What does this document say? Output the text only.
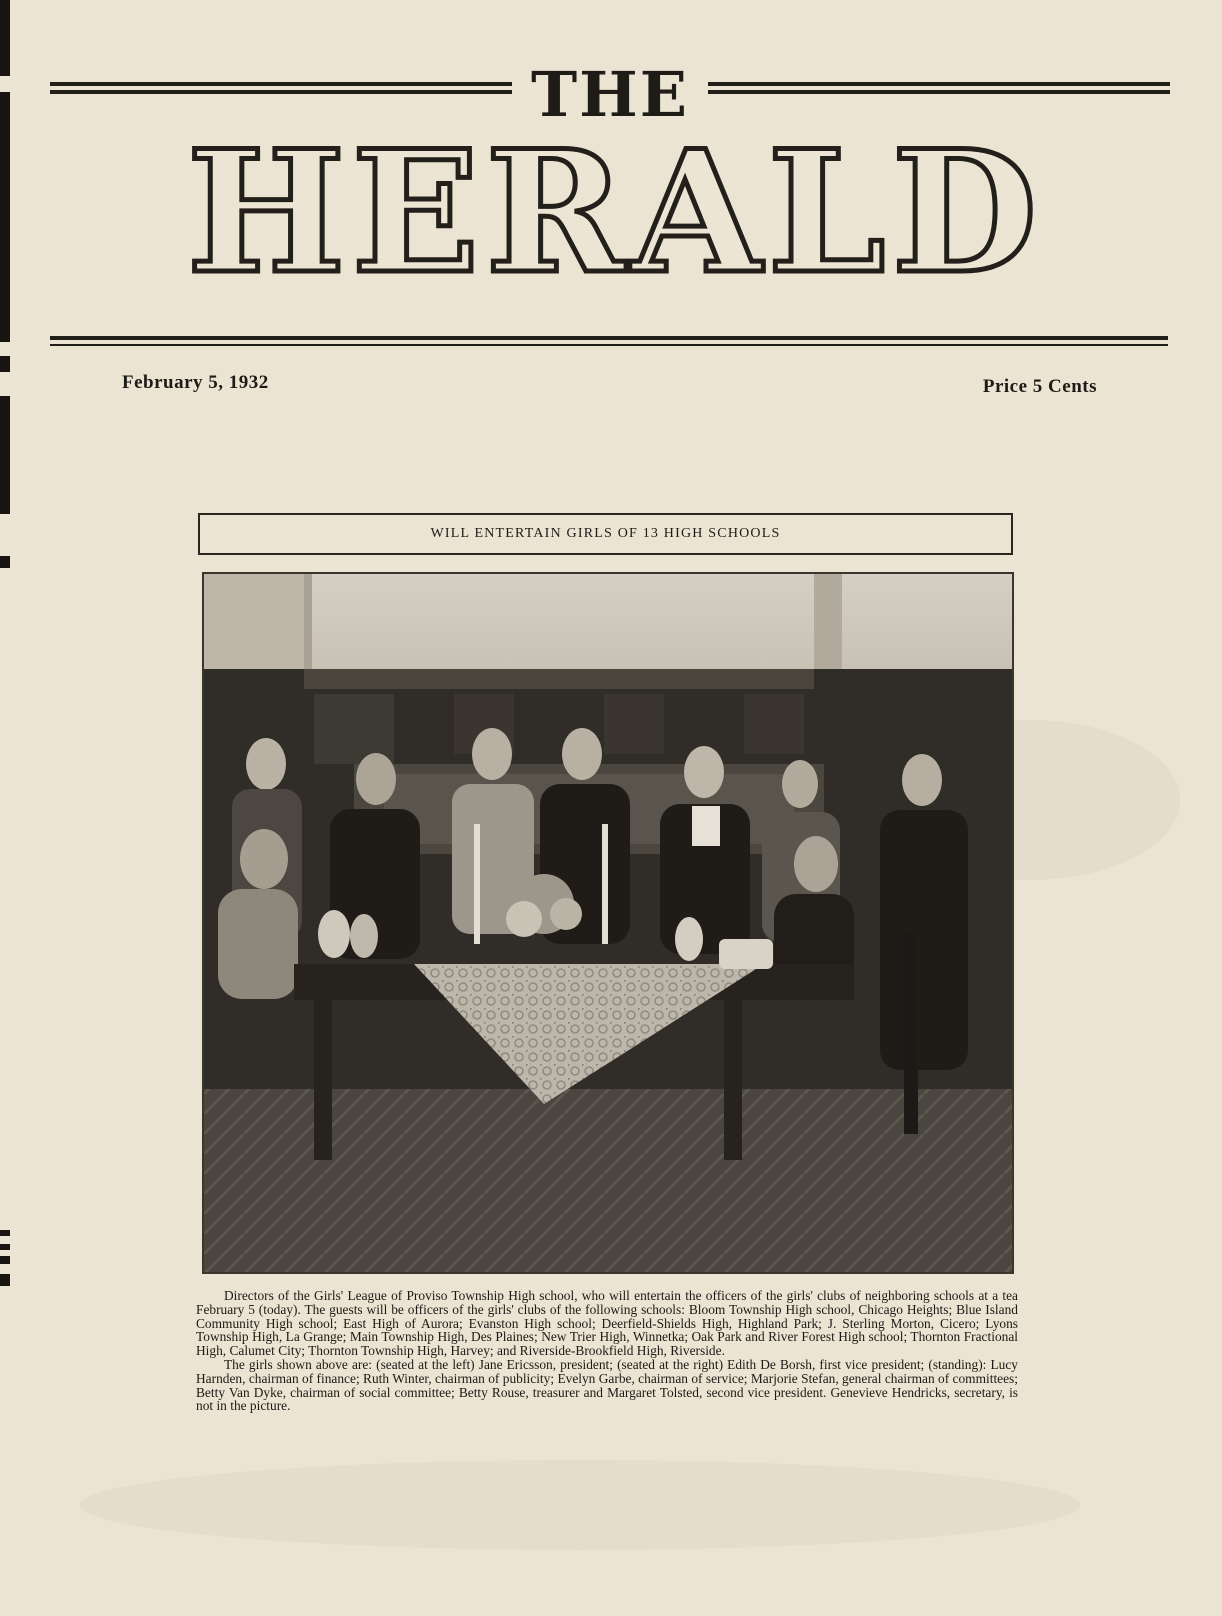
THE
HERALD
February 5, 1932	Price 5 Cents
WILL ENTERTAIN GIRLS OF 13 HIGH SCHOOLS

Directors of the Girls' League of Proviso Township High school, who will entertain the officers of the girls' clubs of neighboring schools at a tea February 5 (today). The guests will be officers of the girls' clubs of the following schools: Bloom Township High school, Chicago Heights; Blue Island Community High school; East High of Aurora; Evanston High school; Deerfield-Shields High, Highland Park; J. Sterling Morton, Cicero; Lyons Township High, La Grange; Main Township High, Des Plaines; New Trier High, Winnetka; Oak Park and River Forest High school; Thornton Fractional High, Calumet City; Thornton Township High, Harvey; and Riverside-Brookfield High, Riverside.

The girls shown above are: (seated at the left) Jane Ericsson, president; (seated at the right) Edith De Borsh, first vice president; (standing): Lucy Harnden, chairman of finance; Ruth Winter, chairman of publicity; Evelyn Garbe, chairman of service; Marjorie Stefan, general chairman of committees; Betty Van Dyke, chairman of social committee; Betty Rouse, treasurer and Margaret Tolsted, second vice president. Genevieve Hendricks, secretary, is not in the picture.
